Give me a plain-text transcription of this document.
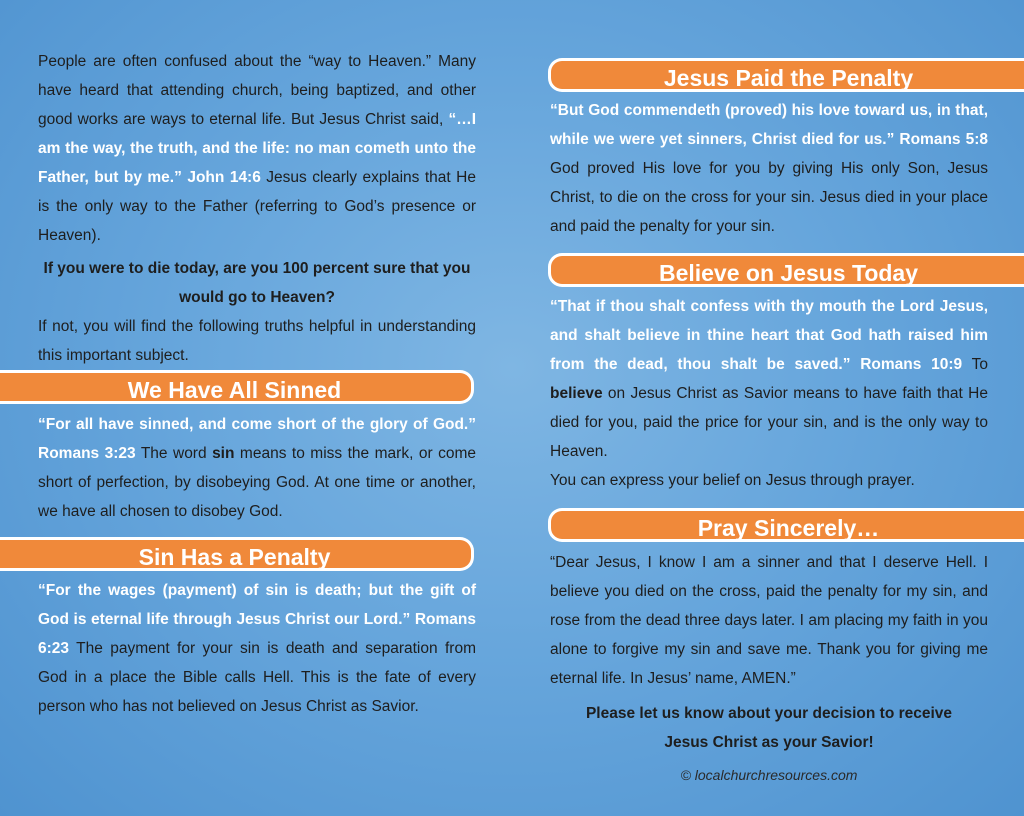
People are often confused about the “way to Heaven.” Many have heard that attending church, being baptized, and other good works are ways to eternal life. But Jesus Christ said, “…I am the way, the truth, and the life: no man cometh unto the Father, but by me.” John 14:6 Jesus clearly explains that He is the only way to the Father (referring to God’s presence or Heaven).

If you were to die today, are you 100 percent sure that you would go to Heaven?

If not, you will find the following truths helpful in understanding this important subject.

We Have All Sinned

“For all have sinned, and come short of the glory of God.” Romans 3:23 The word sin means to miss the mark, or come short of perfection, by disobeying God. At one time or another, we have all chosen to disobey God.

Sin Has a Penalty

“For the wages (payment) of sin is death; but the gift of God is eternal life through Jesus Christ our Lord.” Romans 6:23 The payment for your sin is death and separation from God in a place the Bible calls Hell. This is the fate of every person who has not believed on Jesus Christ as Savior.

Jesus Paid the Penalty

“But God commendeth (proved) his love toward us, in that, while we were yet sinners, Christ died for us.” Romans 5:8 God proved His love for you by giving His only Son, Jesus Christ, to die on the cross for your sin. Jesus died in your place and paid the penalty for your sin.

Believe on Jesus Today

“That if thou shalt confess with thy mouth the Lord Jesus, and shalt believe in thine heart that God hath raised him from the dead, thou shalt be saved.” Romans 10:9 To believe on Jesus Christ as Savior means to have faith that He died for you, paid the price for your sin, and is the only way to Heaven.

You can express your belief on Jesus through prayer.

Pray Sincerely…

“Dear Jesus, I know I am a sinner and that I deserve Hell. I believe you died on the cross, paid the penalty for my sin, and rose from the dead three days later. I am placing my faith in you alone to forgive my sin and save me. Thank you for giving me eternal life. In Jesus’ name, AMEN.”

Please let us know about your decision to receive Jesus Christ as your Savior!

© localchurchresources.com
